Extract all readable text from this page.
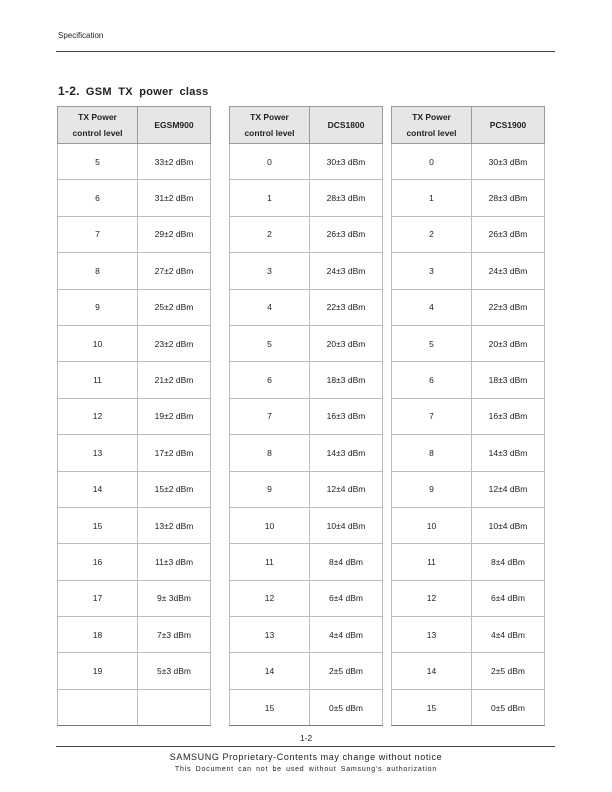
Specification
1-2. GSM TX power class
TX Power
control level	EGSM900
5	33±2 dBm
6	31±2 dBm
7	29±2 dBm
8	27±2 dBm
9	25±2 dBm
10	23±2 dBm
11	21±2 dBm
12	19±2 dBm
13	17±2 dBm
14	15±2 dBm
15	13±2 dBm
16	11±3 dBm
17	9± 3dBm
18	7±3 dBm
19	5±3 dBm

TX Power
control level	DCS1800
0	30±3 dBm
1	28±3 dBm
2	26±3 dBm
3	24±3 dBm
4	22±3 dBm
5	20±3 dBm
6	18±3 dBm
7	16±3 dBm
8	14±3 dBm
9	12±4 dBm
10	10±4 dBm
11	8±4 dBm
12	6±4 dBm
13	4±4 dBm
14	2±5 dBm
15	0±5 dBm
TX Power
control level	PCS1900
0	30±3 dBm
1	28±3 dBm
2	26±3 dBm
3	24±3 dBm
4	22±3 dBm
5	20±3 dBm
6	18±3 dBm
7	16±3 dBm
8	14±3 dBm
9	12±4 dBm
10	10±4 dBm
11	8±4 dBm
12	6±4 dBm
13	4±4 dBm
14	2±5 dBm
15	0±5 dBm
1-2
SAMSUNG Proprietary-Contents may change without notice
This Document can not be used without Samsung's authorization
